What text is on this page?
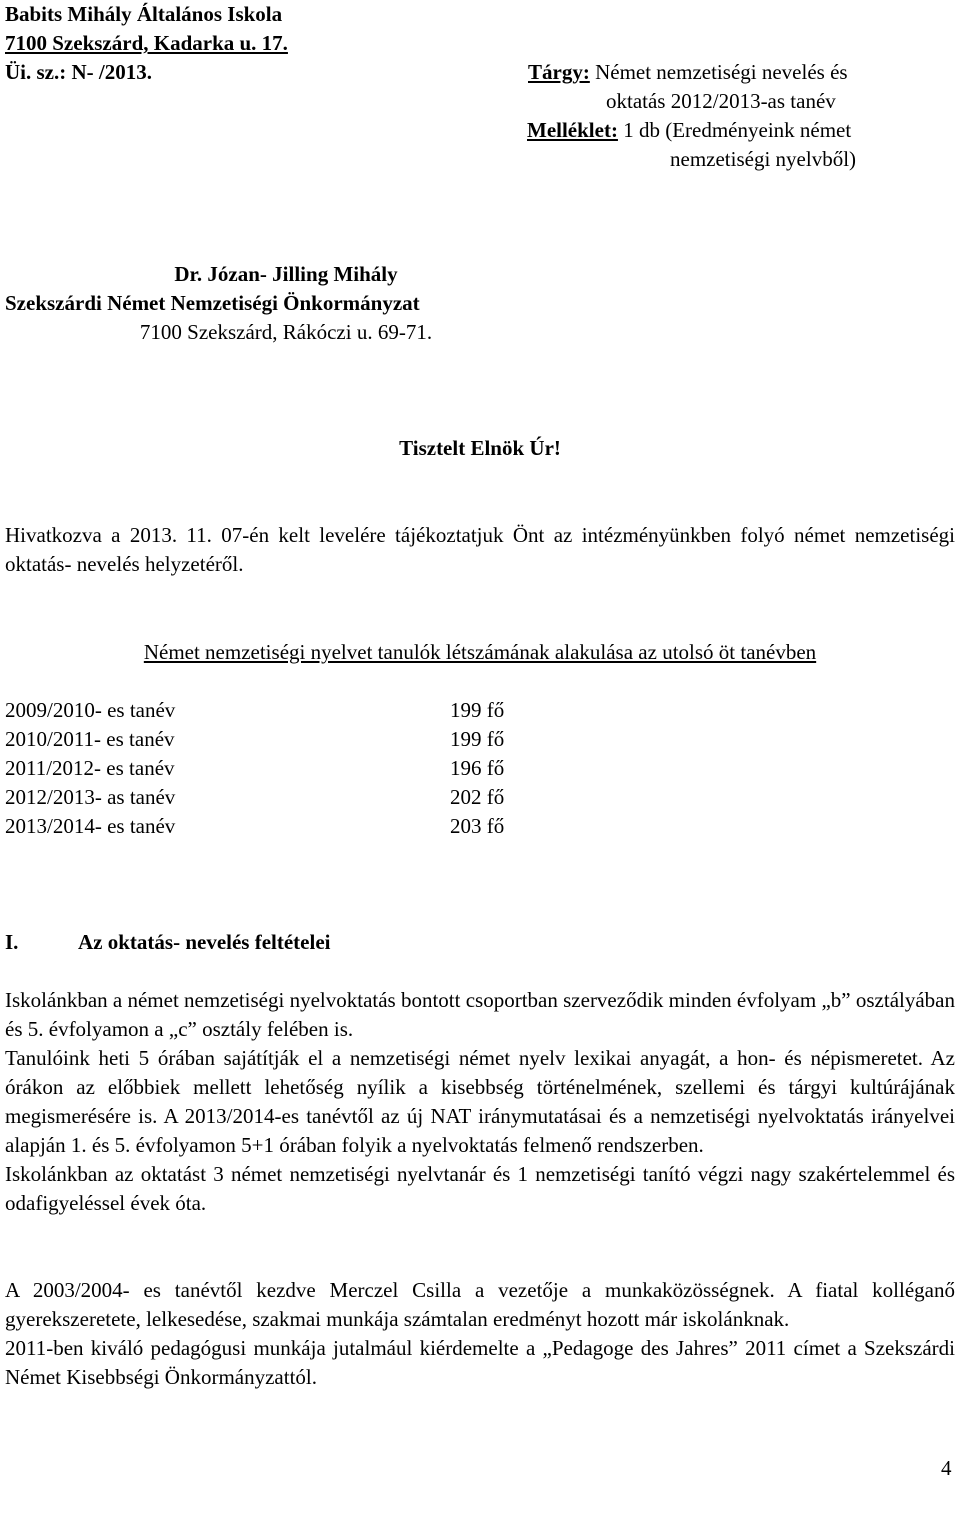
Babits Mihály Általános Iskola
7100 Szekszárd, Kadarka u. 17.
Üi. sz.: N- /2013.	Tárgy: Német nemzetiségi nevelés és
oktatás 2012/2013-as tanév
Melléklet: 1 db (Eredményeink német
nemzetiségi nyelvből)
Dr. Józan- Jilling Mihály
Szekszárdi Német Nemzetiségi Önkormányzat
7100 Szekszárd, Rákóczi u. 69-71.
Tisztelt Elnök Úr!
Hivatkozva a 2013. 11. 07-én kelt levelére tájékoztatjuk Önt az intézményünkben folyó német nemzetiségi oktatás- nevelés helyzetéről.
Német nemzetiségi nyelvet tanulók létszámának alakulása az utolsó öt tanévben
2009/2010- es tanév	199 fő
2010/2011- es tanév	199 fő
2011/2012- es tanév	196 fő
2012/2013- as tanév	202 fő
2013/2014- es tanév	203 fő
I.	Az oktatás- nevelés feltételei

Iskolánkban a német nemzetiségi nyelvoktatás bontott csoportban szerveződik minden évfolyam „b” osztályában és 5. évfolyamon a „c” osztály felében is.

Tanulóink heti 5 órában sajátítják el a nemzetiségi német nyelv lexikai anyagát, a hon- és népismeretet. Az órákon az előbbiek mellett lehetőség nyílik a kisebbség történelmének, szellemi és tárgyi kultúrájának megismerésére is. A 2013/2014-es tanévtől az új NAT iránymutatásai és a nemzetiségi nyelvoktatás irányelvei alapján 1. és 5. évfolyamon 5+1 órában folyik a nyelvoktatás felmenő rendszerben.

Iskolánkban az oktatást 3 német nemzetiségi nyelvtanár és 1 nemzetiségi tanító végzi nagy szakértelemmel és odafigyeléssel évek óta.

A 2003/2004- es tanévtől kezdve Merczel Csilla a vezetője a munkaközösségnek. A fiatal kolléganő gyerekszeretete, lelkesedése, szakmai munkája számtalan eredményt hozott már iskolánknak.

2011-ben kiváló pedagógusi munkája jutalmául kiérdemelte a „Pedagoge des Jahres” 2011 címet a Szekszárdi Német Kisebbségi Önkormányzattól.

4
